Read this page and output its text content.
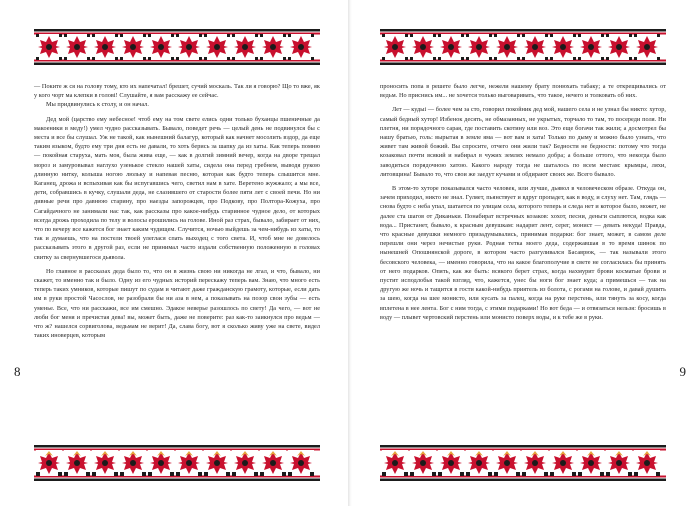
— Поките ж ся на голову тому, кто их напечатал! брешет, сучий москаль. Так ли я говорю? Що то вже, як у кого чорт ма клепки в голові! Слушайте, я вам расскажу ее сейчас.

Мы придвинулись к столу, и он начал.

Дед мой (царство ему небесное! чтоб ему на том свете елись одни только буханцы пшеничные да макоеники в меду!) умел чудно рассказывать. Бывало, поведет речь — целый день не подвинулся бы с места и все бы слушал. Уж не такой, как нынешний балагур, который как начнет мосолить вздор, да еще таким языком, будто ему три дня есть не давали, то хоть берись за шапку да из хаты. Как теперь помню — покойная старуха, мать моя, была жива еще, — как в долгий зимний вечер, когда на дворе трещал мороз и замуровывал наглухо узенькое стекло нашей хаты, сидела она перед гребнем, выводя рукою длинную нитку, колыша ногою люльку и напевая песню, которая как будто теперь слышится мне. Каганец, дрожа и вспыхивая как бы испугавшись чего, светил нам в хате. Веретено жужжало; а мы все, дети, собравшись в кучку, слушали деда, не слазившего от старости более пяти лет с своей печи. Но ни дивные речи про давнюю старину, про наезды запорожцев, про Подкову, про Полтора-Кожуха, про Сагайдачного не занимали нас так, как рассказы про какое-нибудь старинное чудное дело, от которых всегда дрожь проходила по телу и волосы ерошились на голове. Иной раз страх, бывало, забирает от них, что по вечеру все кажется бог знает каким чудищем. Случится, ночью выйдешь за чем-нибудь из хаты, то так и думаешь, что на постели твоей улеглася спать выходец с того света. И, чтоб мне не довелось рассказывать этого в другой раз, если не принимал часто издали собственную положенную в головах свитку за свернувшегося дьявола.

Но главное в рассказах деда было то, что он в жизнь свою ни никогда не лгал, и что, бывало, ни скажет, то именно так и было. Одну из его чудных историй перескажу теперь вам. Знаю, что много есть теперь таких умников, которые пишут по судам и читают даже гражданскую грамоту, которые, если дать им в руки простой Часослов, не разобрали бы ни аза в нем, а показывать на позор свои зубы — есть уменье. Все, что ни расскажи, все им смешно. Эдакое неверье разошлось по свету! Да чего, — вот не люби бог меня и пречистая дева! вы, может быть, даже не поверите: раз как-то заикнулся про ведьм — что ж? нашелся сорвиголова, ведьмам не верит! Да, слава богу, вот я сколько живу уже на свете, видел таких иноверцев, которым

8

проносить попа в решете было легче, нежели нашему брату понюхать табаку; а те открещивались от ведьм. Но приснись им... не хочется только выговаривать, что такое, нечего и толковать об них.

Лет — кудыі — более чем за сто, говорил покойник дед мой, нашего села и не узнал бы никто: хутор, самый бедный хутор! Избенок десять, не обмазанных, не укрытых, торчало то там, то посереди поля. Ни плетня, ни порядочного сарая, где поставить скотину или воз. Это еще богачи так жили; а досмотрел бы нашу братью, голь: вырытая в земле яма — вот вам и хата! Только по дыму и можно было узнать, что живет там живой божий. Вы спросите, отчего они жили так? Бедности не бедности: потому что тогда козаковал почти всякий и набирал в чужих землях немало добра; а больше оттого, что некогда было заводиться порядочною хатою. Какого народу тогда не шаталось по всем местам: крымцы, ляхи, литовщина! Бывало то, что свои же заедут кучами и обдирают своих же. Всего бывало.

В этом-то хуторе показывался часто человек, или лучше, дьявол в человеческом образе. Откуда он, зачем приходил, никто не знал. Гуляет, пьянствует и вдруг пропадет, как в воду, и слуху нет. Там, глядь — снова будто с неба упал, шатается по улицам села, которого теперь и следа нет и которое было, может, не далее ста шагов от Диканьки. Понабират встречных козаков: хохот, песни, деньги сыплются, водка как вода... Пристанет, бывало, к красным девушкам: надарит лент, серег, монист — девать некуда! Правда, что красные девушки немного призадумывались, принимая подарки: бог знает, может, в самом деле перешли они через нечистые руки. Родная тетка моего деда, содержавшая в то время шинок по нынешней Опошнянской дороге, в котором часто разгуливался Басаврюк, — так называли этого бесовского человека, — именно говорила, что на какое благополучие в свете не согласилась бы принять от него подарков. Опять, как же быть: всякого берет страх, когда нахмурит брови косматые брови и пустит исподлобья такой взгляд, что, кажется, унес бы ноги бог знает куда; а примешься — так на другую же ночь и тащится в гости какой-нибудь приятель из болота, с рогами на голове, и давай душить за шею, когда на шее монисто, или кусать за палец, когда на руке перстень, или тянуть за косу, когда вплетена в нее лента. Бог с ним тогда, с этими подарками! Но вот беда — и отвязаться нельзя: бросишь в воду — плывет чертовский перстень или монисто поверх воды, и к тебе же в руки.

9
